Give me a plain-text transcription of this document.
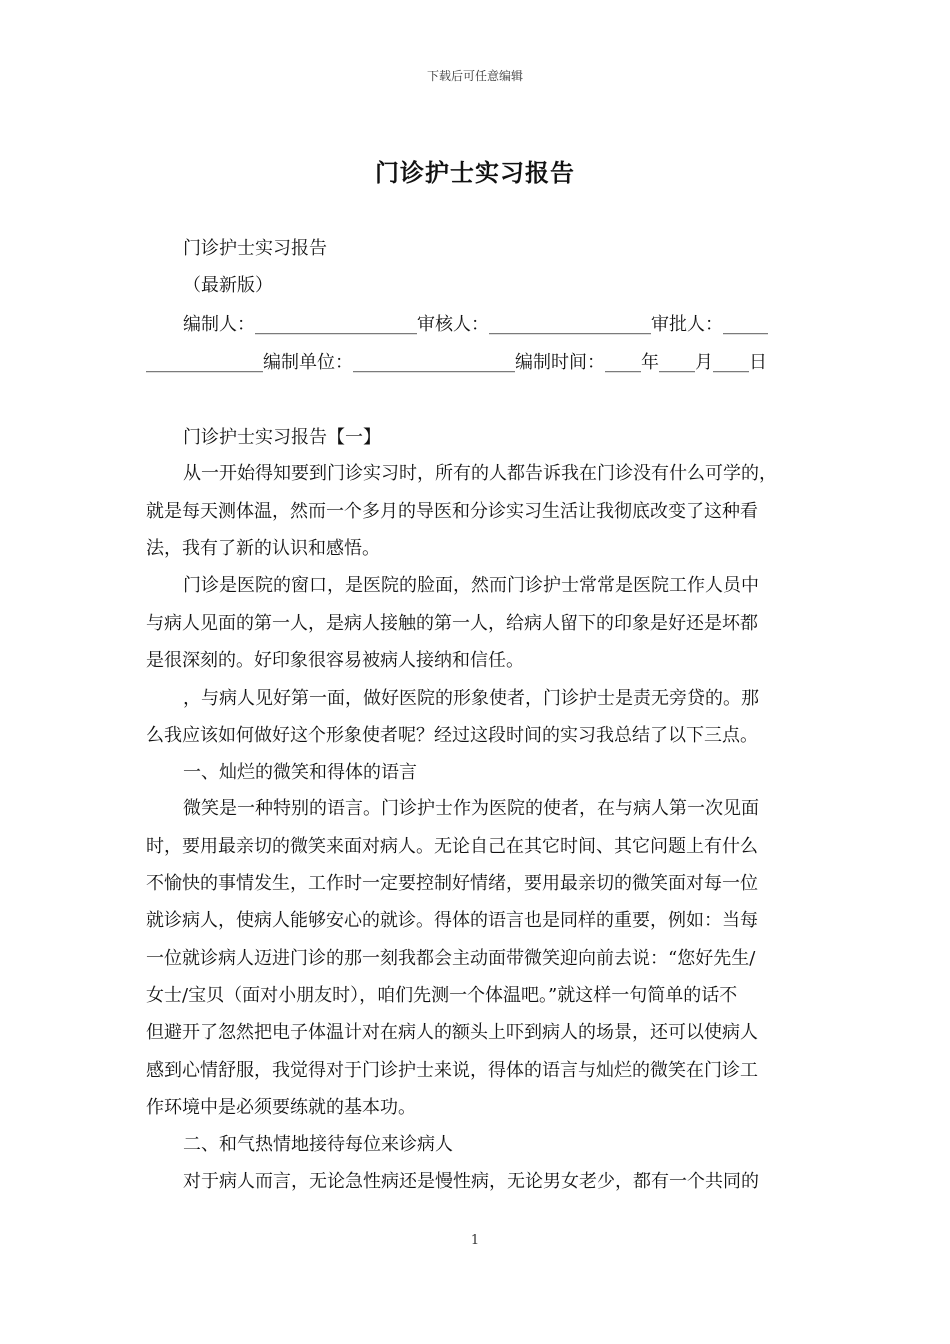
下载后可任意编辑
门诊护士实习报告
门诊护士实习报告
（最新版）
编制人：__________________审核人：__________________审批人：_____
_____________编制单位：__________________编制时间：____年____月____日
门诊护士实习报告【一】
从一开始得知要到门诊实习时，所有的人都告诉我在门诊没有什么可学的，
就是每天测体温，然而一个多月的导医和分诊实习生活让我彻底改变了这种看
法，我有了新的认识和感悟。
门诊是医院的窗口，是医院的脸面，然而门诊护士常常是医院工作人员中
与病人见面的第一人，是病人接触的第一人，给病人留下的印象是好还是坏都
是很深刻的。好印象很容易被病人接纳和信任。
，与病人见好第一面，做好医院的形象使者，门诊护士是责无旁贷的。那
么我应该如何做好这个形象使者呢？经过这段时间的实习我总结了以下三点。
一、灿烂的微笑和得体的语言
微笑是一种特别的语言。门诊护士作为医院的使者，在与病人第一次见面
时，要用最亲切的微笑来面对病人。无论自己在其它时间、其它问题上有什么
不愉快的事情发生，工作时一定要控制好情绪，要用最亲切的微笑面对每一位
就诊病人，使病人能够安心的就诊。得体的语言也是同样的重要，例如：当每
一位就诊病人迈进门诊的那一刻我都会主动面带微笑迎向前去说：“您好先生/
女士/宝贝（面对小朋友时），咱们先测一个体温吧。”就这样一句简单的话不
但避开了忽然把电子体温计对在病人的额头上吓到病人的场景，还可以使病人
感到心情舒服，我觉得对于门诊护士来说，得体的语言与灿烂的微笑在门诊工
作环境中是必须要练就的基本功。
二、和气热情地接待每位来诊病人
对于病人而言，无论急性病还是慢性病，无论男女老少，都有一个共同的
1
